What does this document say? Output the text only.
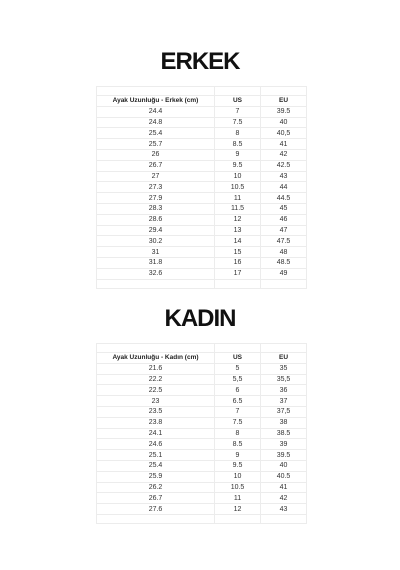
ERKEK

Ayak Uzunluğu - Erkek (cm)	US	EU
24.4	7	39.5
24.8	7.5	40
25.4	8	40,5
25.7	8.5	41
26	9	42
26.7	9.5	42.5
27	10	43
27.3	10.5	44
27.9	11	44.5
28.3	11.5	45
28.6	12	46
29.4	13	47
30.2	14	47.5
31	15	48
31.8	16	48.5
32.6	17	49

KADIN

Ayak Uzunluğu - Kadın (cm)	US	EU
21.6	5	35
22.2	5,5	35,5
22.5	6	36
23	6.5	37
23.5	7	37,5
23.8	7.5	38
24.1	8	38.5
24.6	8.5	39
25.1	9	39.5
25.4	9.5	40
25.9	10	40.5
26.2	10.5	41
26.7	11	42
27.6	12	43
